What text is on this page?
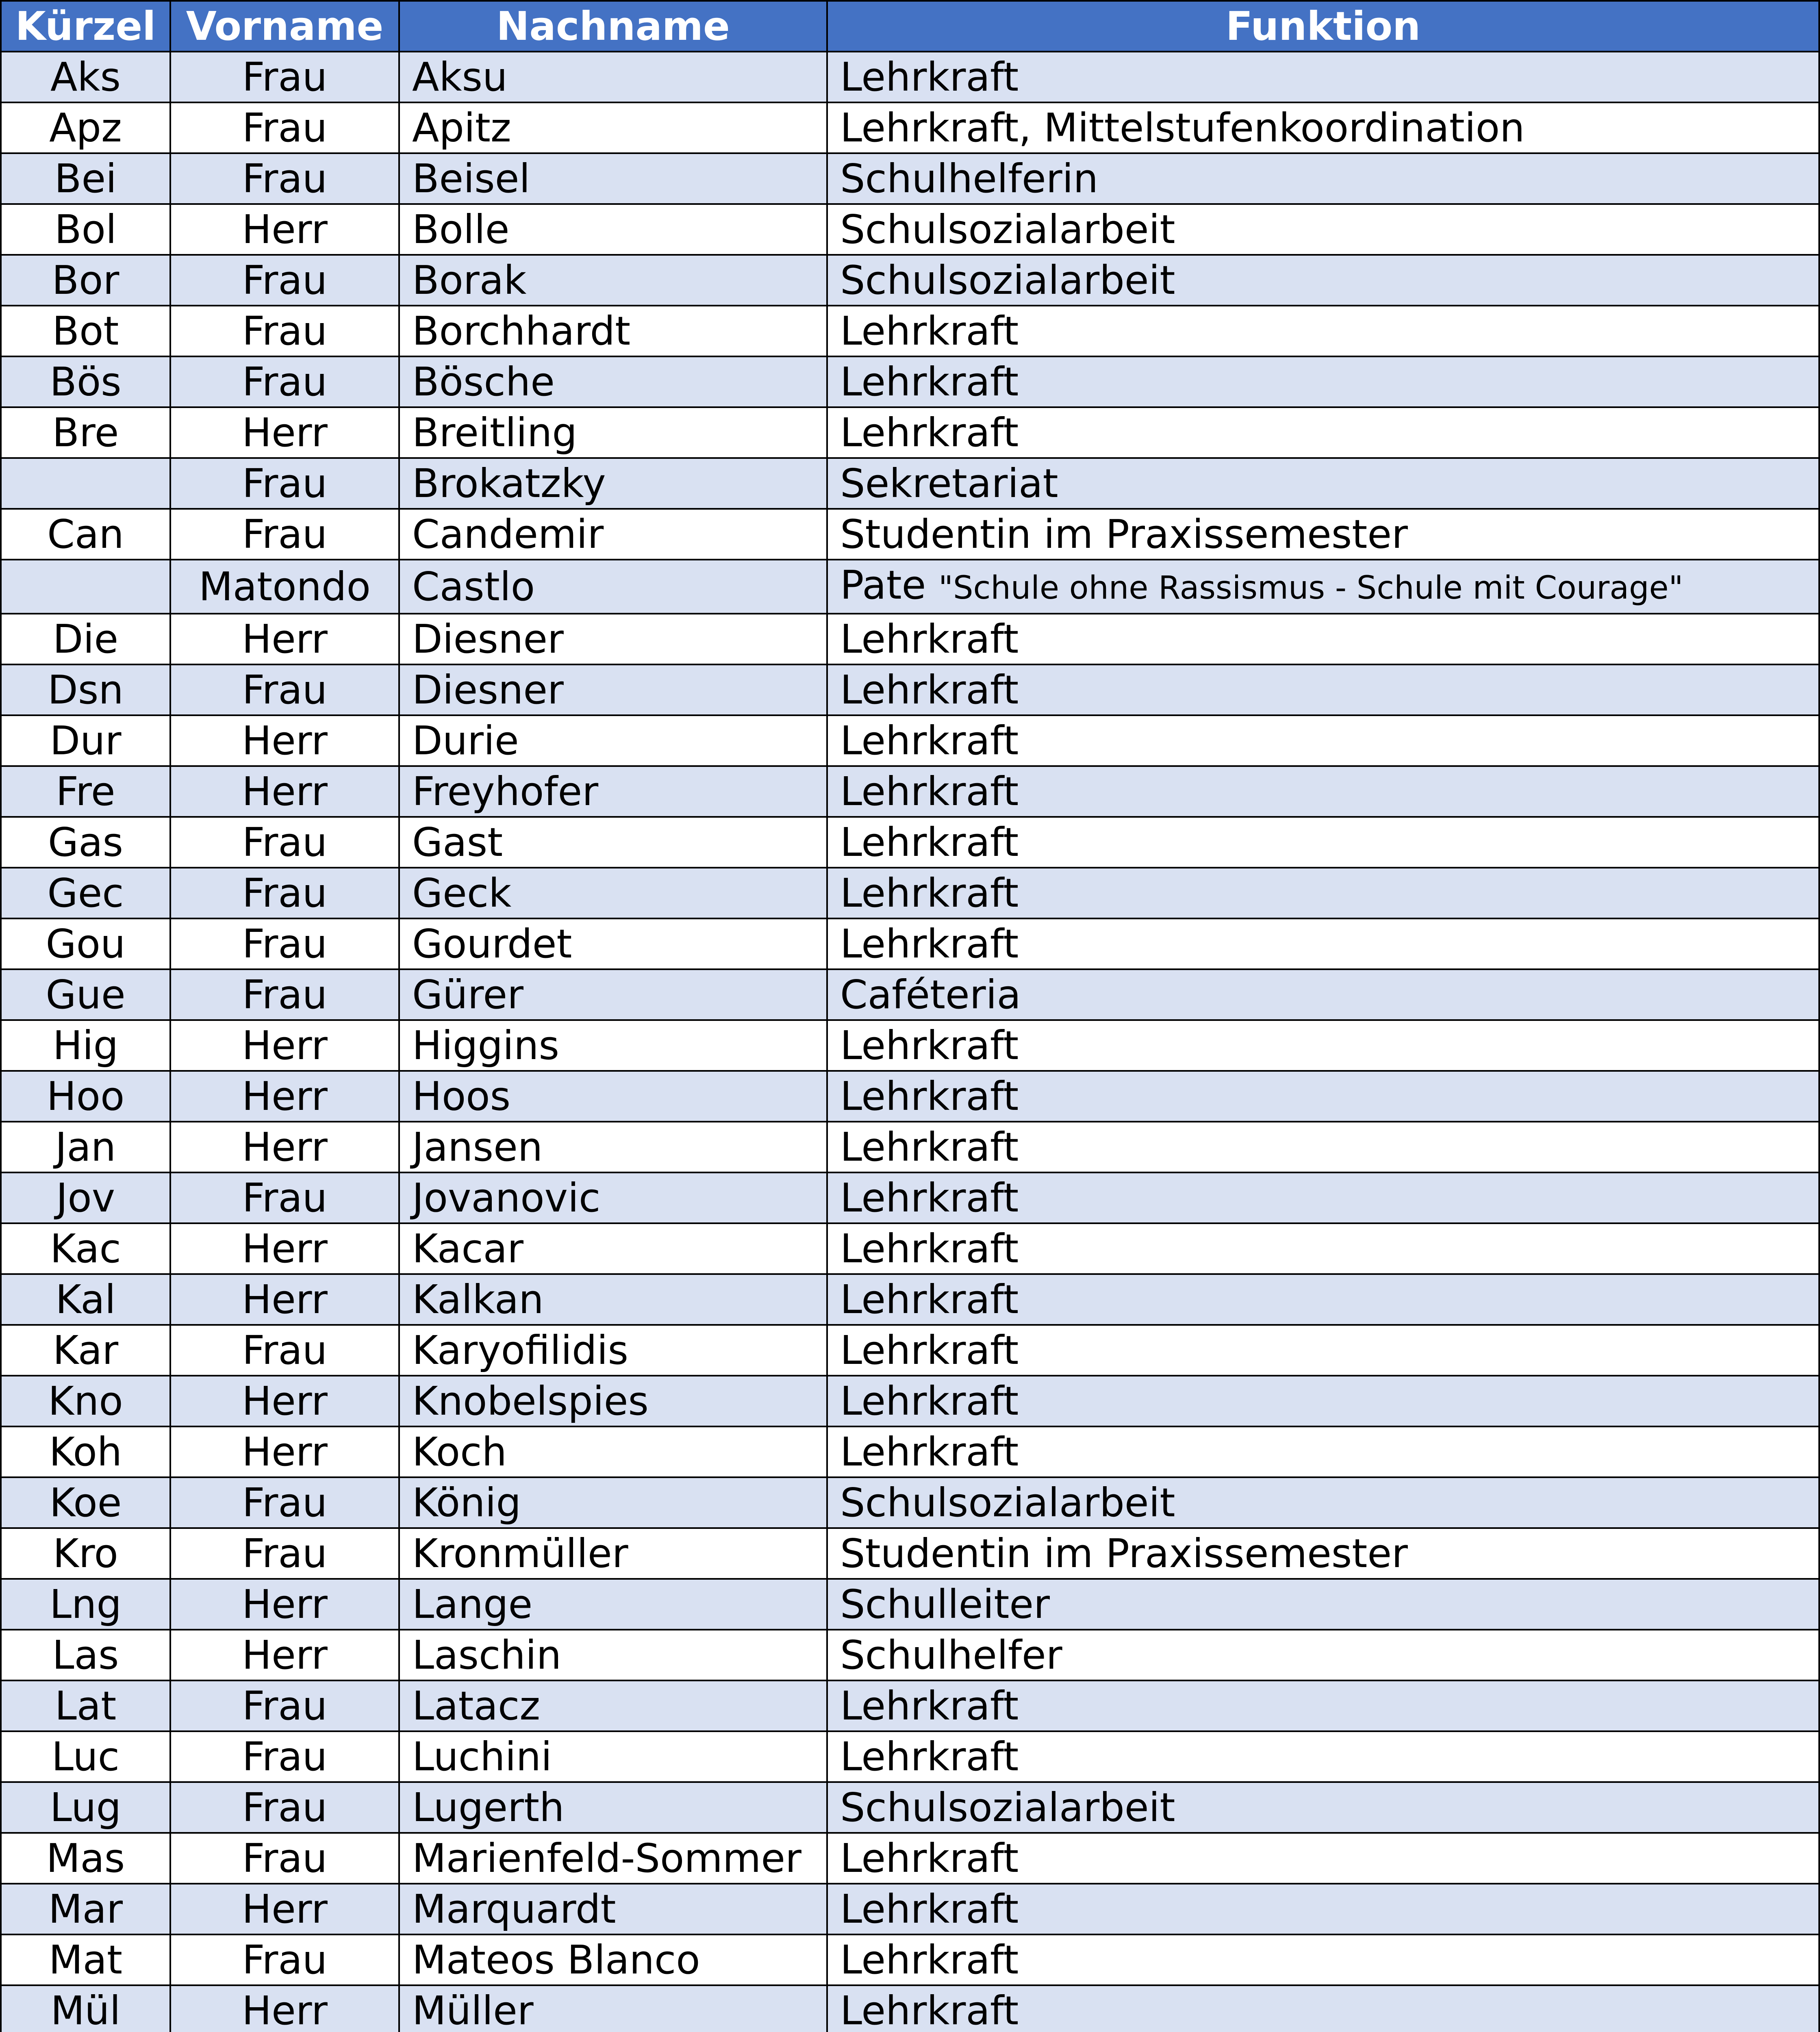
Kürzel	Vorname	Nachname	Funktion
Aks	Frau	Aksu	Lehrkraft
Apz	Frau	Apitz	Lehrkraft, Mittelstufenkoordination
Bei	Frau	Beisel	Schulhelferin
Bol	Herr	Bolle	Schulsozialarbeit
Bor	Frau	Borak	Schulsozialarbeit
Bot	Frau	Borchhardt	Lehrkraft
Bös	Frau	Bösche	Lehrkraft
Bre	Herr	Breitling	Lehrkraft
	Frau	Brokatzky	Sekretariat
Can	Frau	Candemir	Studentin im Praxissemester
	Matondo	Castlo	Pate "Schule ohne Rassismus - Schule mit Courage"
Die	Herr	Diesner	Lehrkraft
Dsn	Frau	Diesner	Lehrkraft
Dur	Herr	Durie	Lehrkraft
Fre	Herr	Freyhofer	Lehrkraft
Gas	Frau	Gast	Lehrkraft
Gec	Frau	Geck	Lehrkraft
Gou	Frau	Gourdet	Lehrkraft
Gue	Frau	Gürer	Caféteria
Hig	Herr	Higgins	Lehrkraft
Hoo	Herr	Hoos	Lehrkraft
Jan	Herr	Jansen	Lehrkraft
Jov	Frau	Jovanovic	Lehrkraft
Kac	Herr	Kacar	Lehrkraft
Kal	Herr	Kalkan	Lehrkraft
Kar	Frau	Karyofilidis	Lehrkraft
Kno	Herr	Knobelspies	Lehrkraft
Koh	Herr	Koch	Lehrkraft
Koe	Frau	König	Schulsozialarbeit
Kro	Frau	Kronmüller	Studentin im Praxissemester
Lng	Herr	Lange	Schulleiter
Las	Herr	Laschin	Schulhelfer
Lat	Frau	Latacz	Lehrkraft
Luc	Frau	Luchini	Lehrkraft
Lug	Frau	Lugerth	Schulsozialarbeit
Mas	Frau	Marienfeld-Sommer	Lehrkraft
Mar	Herr	Marquardt	Lehrkraft
Mat	Frau	Mateos Blanco	Lehrkraft
Mül	Herr	Müller	Lehrkraft
